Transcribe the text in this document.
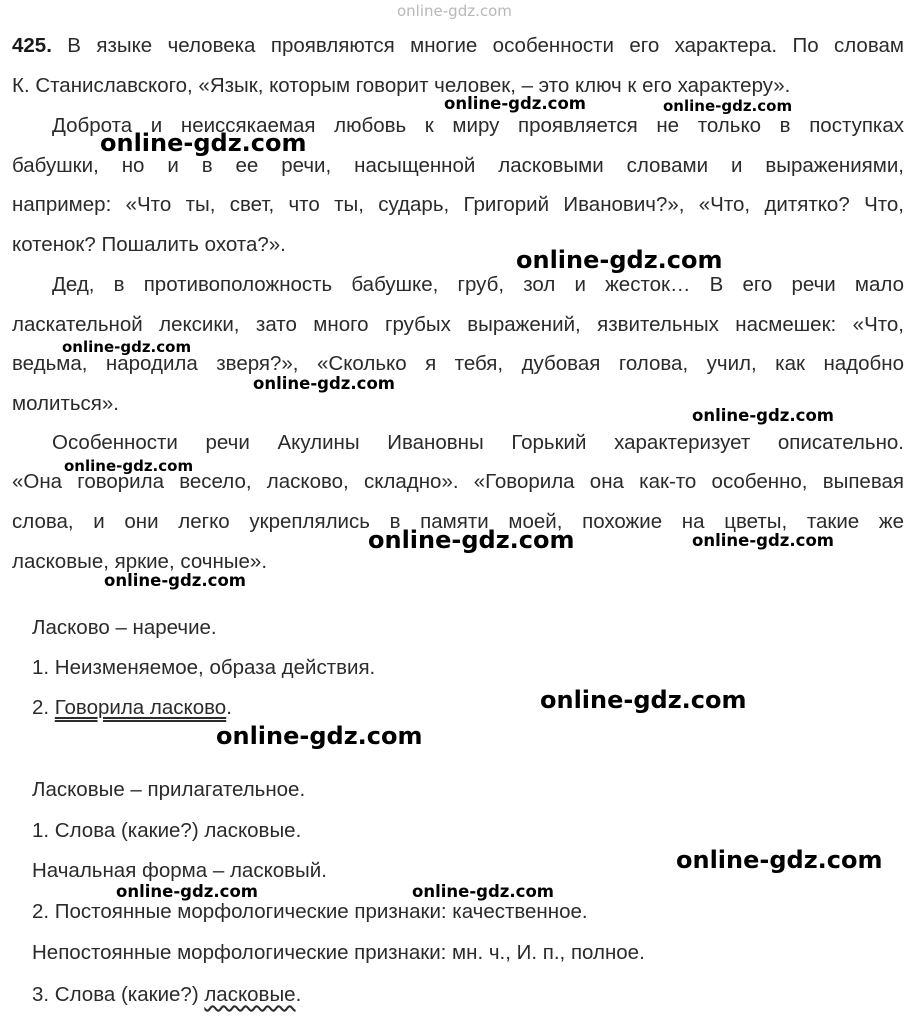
online-gdz.com
425. В языке человека проявляются многие особенности его характера. По словам
К. Станиславского, «Язык, которым говорит человек, – это ключ к его характеру».
Доброта и неиссякаемая любовь к миру проявляется не только в поступках
бабушки, но и в ее речи, насыщенной ласковыми словами и выражениями,
например: «Что ты, свет, что ты, сударь, Григорий Иванович?», «Что, дитятко? Что,
котенок? Пошалить охота?».
Дед, в противоположность бабушке, груб, зол и жесток… В его речи мало
ласкательной лексики, зато много грубых выражений, язвительных насмешек: «Что,
ведьма, народила зверя?», «Сколько я тебя, дубовая голова, учил, как надобно
молиться».
Особенности речи Акулины Ивановны Горький характеризует описательно.
«Она говорила весело, ласково, складно». «Говорила она как-то особенно, выпевая
слова, и они легко укреплялись в памяти моей, похожие на цветы, такие же
ласковые, яркие, сочные».
Ласково – наречие.
1. Неизменяемое, образа действия.
2. Говорила ласково.
Ласковые – прилагательное.
1. Слова (какие?) ласковые.
Начальная форма – ласковый.
2. Постоянные морфологические признаки: качественное.
Непостоянные морфологические признаки: мн. ч., И. п., полное.
3. Слова (какие?) ласковые.
online-gdz.com	online-gdz.com
online-gdz.com
online-gdz.com
online-gdz.com
online-gdz.com
online-gdz.com
online-gdz.com
online-gdz.com	online-gdz.com
online-gdz.com
online-gdz.com
online-gdz.com
online-gdz.com
online-gdz.com	online-gdz.com
